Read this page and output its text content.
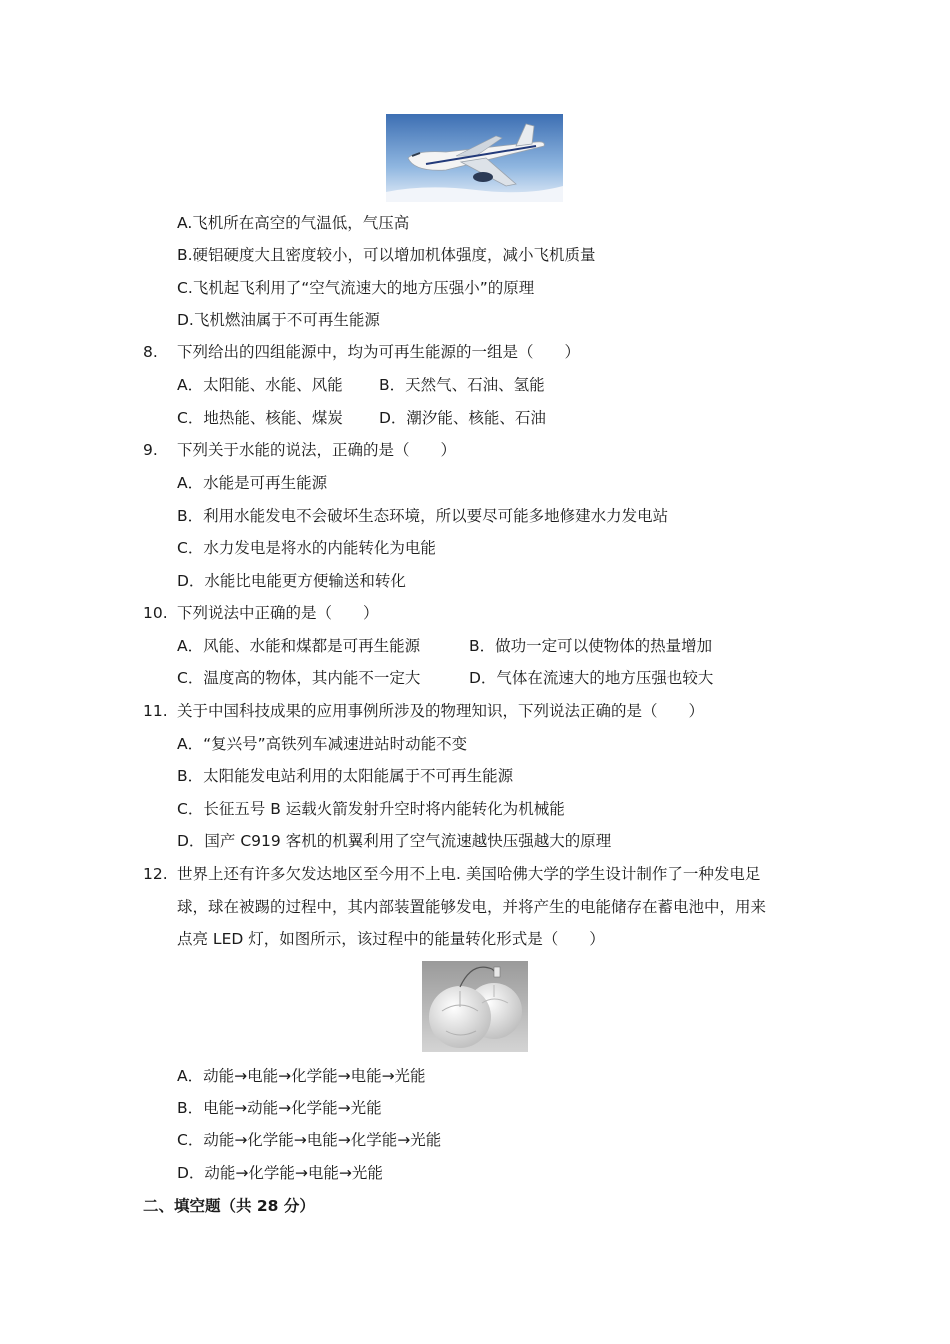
A.飞机所在高空的气温低，气压高
B.硬铝硬度大且密度较小，可以增加机体强度，减小飞机质量
C.飞机起飞利用了“空气流速大的地方压强小”的原理
D.飞机燃油属于不可再生能源
8. 下列给出的四组能源中，均为可再生能源的一组是（　　）
A．太阳能、水能、风能 B．天然气、石油、氢能
C．地热能、核能、煤炭 D．潮汐能、核能、石油
9. 下列关于水能的说法，正确的是（　　）
A．水能是可再生能源
B．利用水能发电不会破坏生态环境，所以要尽可能多地修建水力发电站
C．水力发电是将水的内能转化为电能
D．水能比电能更方便输送和转化
10. 下列说法中正确的是（　　）
A．风能、水能和煤都是可再生能源	B．做功一定可以使物体的热量增加
C．温度高的物体，其内能不一定大	D．气体在流速大的地方压强也较大
11. 关于中国科技成果的应用事例所涉及的物理知识，下列说法正确的是（　　）
A．“复兴号”高铁列车减速进站时动能不变
B．太阳能发电站利用的太阳能属于不可再生能源
C．长征五号 B 运载火箭发射升空时将内能转化为机械能
D．国产 C919 客机的机翼利用了空气流速越快压强越大的原理
12. 世界上还有许多欠发达地区至今用不上电. 美国哈佛大学的学生设计制作了一种发电足
球，球在被踢的过程中，其内部装置能够发电，并将产生的电能储存在蓄电池中，用来
点亮 LED 灯，如图所示，该过程中的能量转化形式是（　　）
A．动能→电能→化学能→电能→光能
B．电能→动能→化学能→光能
C．动能→化学能→电能→化学能→光能
D．动能→化学能→电能→光能
二、填空题（共 28 分）
